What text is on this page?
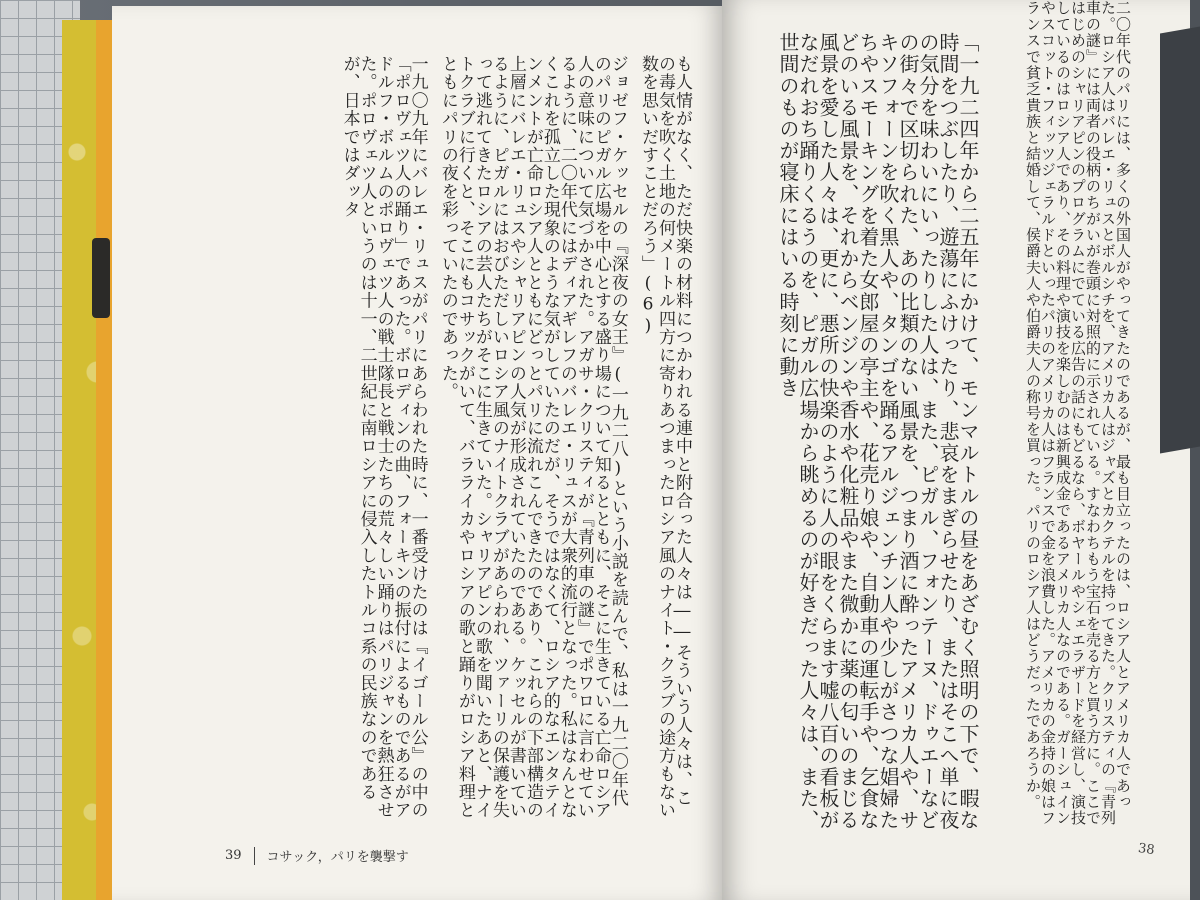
も人情がなく、ただ快楽の材料につかわれる連中と附合った人々は――そういう人々は、この毒気を吹く土地の何メートル四方に寄りあつまったロシア風のナイト・クラブの途方もない数を思いだすことだろう」(6)

ジョゼフ・ケッセルの『深夜の女王』(一九二八)という小説を読んで、私は一九二〇年代のパリのピガル広場を中心とする盛り場について知るとともに、そこに生きている亡命ロシア人の意味について気づかされた。アガサ・クリスティが『青列車の謎』でポワロに言わせているように、二〇年代にはディアギレフのバレエ・リュスが大衆的流行となった。私はなんとなくこれを孤立した現象のような気がしていたのだが、そうではなくて、ロシア的なエンタテインメントが亡命ロシア人とともにどっとパリに流れこんできたのであり、これらの下部構造の上層にバレエ・リュスやシャリアピンの人気が形成されていたのである。ケッセルが書いているように、ピガルにはおびただしいロシア風のナイトクラブがあらわれ、ツァーリの保護を失って逃れてきたロシアの芸人たちがそこに生きていた。シャリアピンの歌を聞いたあと、ナイトクラブに行くと、そこにもコサックがいて、バラライカやロシアの歌と踊りがロシア料理とともにパリの夜を彩っていたのであった。

一九〇九年にバレエ・リュスがパリにあらわれた時に、一番受けたのは『イゴール公』の中の「ポロヴェツ人の踊り」であった。ボロディンの曲、フォーキンの振付によるものであるがアドルフ・ボルムのポロヴェツ人の戦士隊長と戦士たちの荒々しい踊りはパリジャンを熱狂させた。ポロヴェツ人というのは十一、二世紀に南ロシアに侵入したトルコ系の民族なのであるが、日本ではダッタ	二〇年代のパリには、多くの外国人がやってきたのであるが、最も目立ったのは、ロシア人とアメリカ人であった。ロシア人はバレエ・リュスとボルシチを、アメリカ人はジャズとカクテルを持ってきた。クリスティの『青列車の謎』には両者の役柄のちがいが巻頭に対照的に示されている。すなわちもう宝石を売る方と買う方に。ここではじめのシャリアピンのプログラムにでている広告の話にもどるなら、ボヤールやシェエラザードを経営し、演技しているのはロシア人であり、その料理や演技を楽しむのは新興成金であるアメリカ人なのである。ガーシュインやスコット・フィッツジェラルドといったパリのアメリカ人はフランスで金を浪費した。アメリカの金持の娘はフランスで貧乏貴族と結婚して、侯爵夫人や伯爵夫人の称号を買った。パリのロシア人はどうだったであろうか。

「一九二四年から二五年にかけて、モンマルトルの昼をあざむく照明の下で、暇な時間をつぶしたり、遊蕩にふけったり、悲哀をまぎらせたり、またはそこへ単に夜の気分を味わいにいったりした人は、また、ピガル、フォンテーヌ、ドゥエーなどの街々で区切られた、あの比類のない風景を、つまり酒に酔ったアメリカ人や、サキソフォーンを吹く黒人や、タンゴを踊るアルジェンチン人や少しがさつな娼婦たちやスモーキングを着た女郎屋の亭主や、花売り娘や、自動車の運転手や、乞食などのいる風景を、それからベンジンや香水や化粧品やまた微かに薬の匂いのまじる風景を愛した人々は、更に、悪所の快楽のように人の眼をくらます嘘八百の看板がなだれおち踊りくるうのを、ピガル広場から眺めるのが好きだった人々は、また、世間のものが寝床にはいる時刻に動き

39 コサック，パリを襲撃す	38
